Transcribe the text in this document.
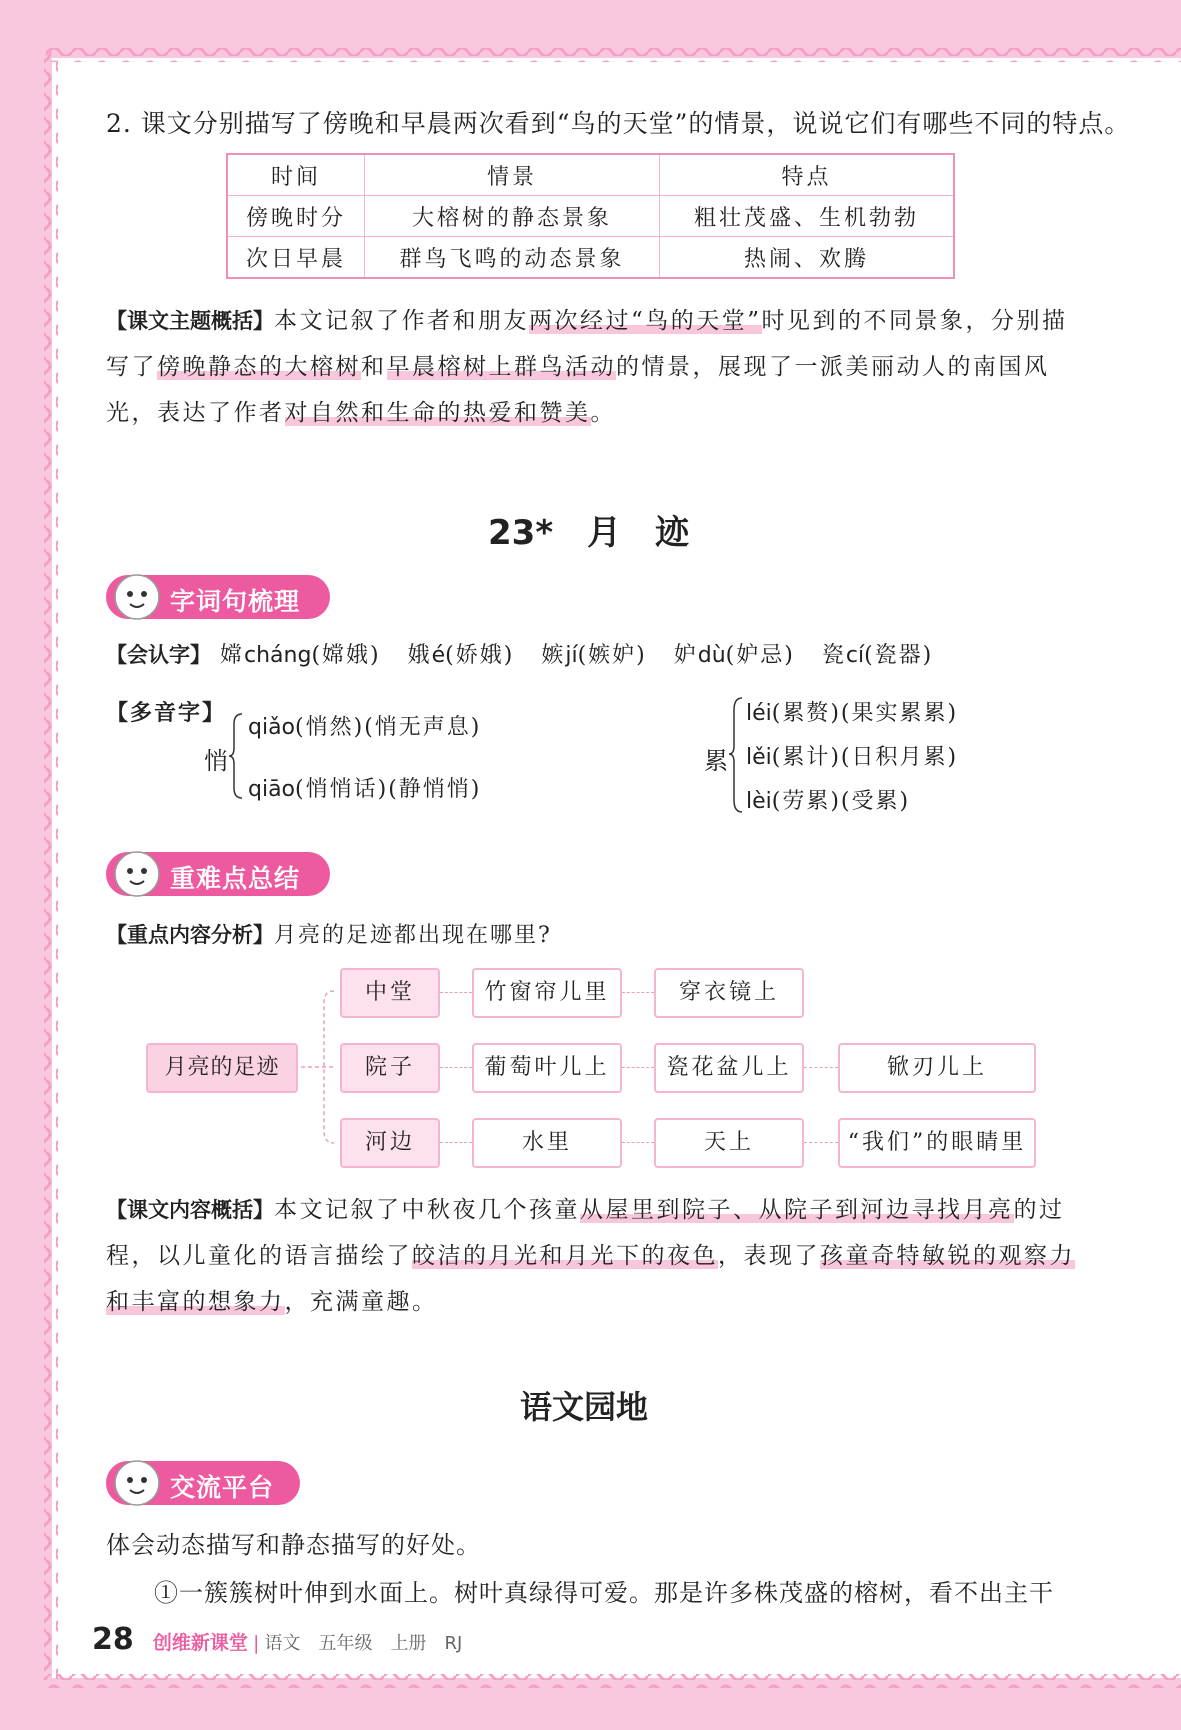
2. 课文分别描写了傍晚和早晨两次看到“鸟的天堂”的情景，说说它们有哪些不同的特点。
时间	情景	特点
傍晚时分	大榕树的静态景象	粗壮茂盛、生机勃勃
次日早晨	群鸟飞鸣的动态景象	热闹、欢腾
【课文主题概括】本文记叙了作者和朋友两次经过“鸟的天堂”时见到的不同景象，分别描写了傍晚静态的大榕树和早晨榕树上群鸟活动的情景，展现了一派美丽动人的南国风光，表达了作者对自然和生命的热爱和赞美。
23*　月　迹
字词句梳理
【会认字】 嫦cháng(嫦娥) 娥é(娇娥) 嫉jí(嫉妒) 妒dù(妒忌) 瓷cí(瓷器)
【多音字】
悄
qiǎo(悄然)(悄无声息)
qiāo(悄悄话)(静悄悄)
累
léi(累赘)(果实累累)
lěi(累计)(日积月累)
lèi(劳累)(受累)
重难点总结
【重点内容分析】月亮的足迹都出现在哪里?
月亮的足迹
中堂	竹窗帘儿里	穿衣镜上
院子	葡萄叶儿上	瓷花盆儿上	锨刃儿上
河边	水里	天上	“我们”的眼睛里
【课文内容概括】本文记叙了中秋夜几个孩童从屋里到院子、从院子到河边寻找月亮的过程，以儿童化的语言描绘了皎洁的月光和月光下的夜色，表现了孩童奇特敏锐的观察力和丰富的想象力，充满童趣。
语文园地
交流平台
体会动态描写和静态描写的好处。
①一簇簇树叶伸到水面上。树叶真绿得可爱。那是许多株茂盛的榕树，看不出主干
28 创维新课堂 | 语文　五年级　上册　RJ
